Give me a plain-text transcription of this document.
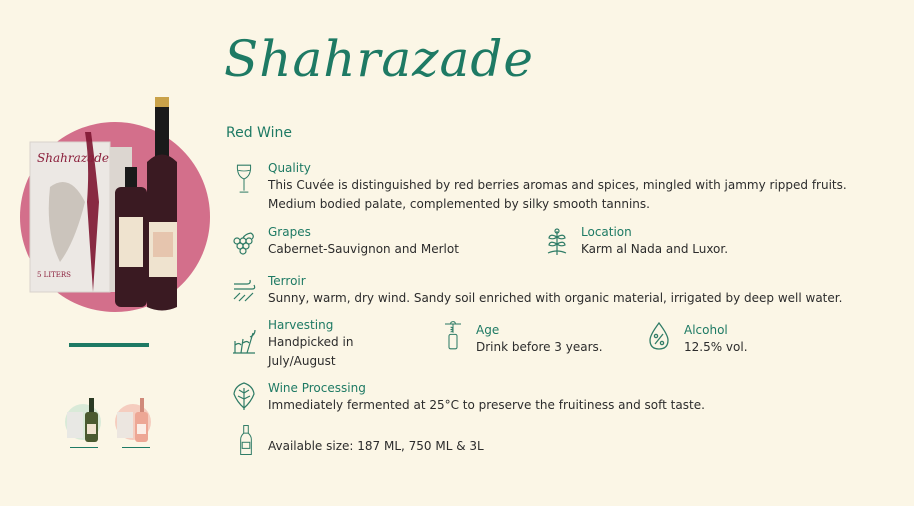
Shahrazade
Red Wine
Shahrazade
5 LITERS
Quality
This Cuvée is distinguished by red berries aromas and spices, mingled with jammy ripped fruits.
Medium bodied palate, complemented by silky smooth tannins.
Grapes
Cabernet-Sauvignon and Merlot
Location
Karm al Nada and Luxor.
Terroir
Sunny, warm, dry wind. Sandy soil enriched with organic material, irrigated by deep well water.
Harvesting
Handpicked in
July/August
Age
Drink before 3 years.
Alcohol
12.5% vol.
Wine Processing
Immediately fermented at 25°C to preserve the fruitiness and soft taste.
Available size: 187 ML, 750 ML & 3L
